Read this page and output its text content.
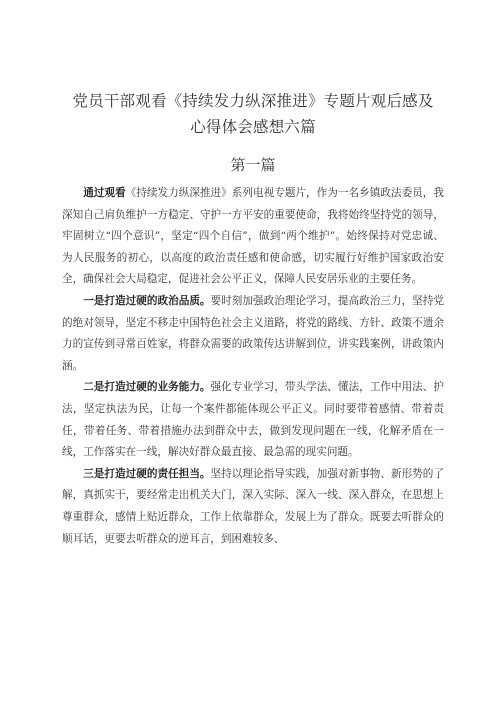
党员干部观看《持续发力纵深推进》专题片观后感及
心得体会感想六篇
第一篇

通过观看《持续发力纵深推进》系列电视专题片，作为一名乡镇政法委员，我深知自己肩负维护一方稳定、守护一方平安的重要使命，我将始终坚持党的领导，牢固树立“四个意识”，坚定“四个自信”，做到“两个维护”。始终保持对党忠诚、为人民服务的初心，以高度的政治责任感和使命感，切实履行好维护国家政治安全，确保社会大局稳定，促进社会公平正义，保障人民安居乐业的主要任务。

一是打造过硬的政治品质。要时刻加强政治理论学习，提高政治三力，坚持党的绝对领导，坚定不移走中国特色社会主义道路，将党的路线、方针、政策不遗余力的宣传到寻常百姓家，将群众需要的政策传达讲解到位，讲实践案例，讲政策内涵。

二是打造过硬的业务能力。强化专业学习，带头学法、懂法，工作中用法、护法，坚定执法为民，让每一个案件都能体现公平正义。同时要带着感情、带着责任，带着任务、带着措施办法到群众中去，做到发现问题在一线，化解矛盾在一线，工作落实在一线，解决好群众最直接、最急需的现实问题。

三是打造过硬的责任担当。坚持以理论指导实践，加强对新事物、新形势的了解，真抓实干，要经常走出机关大门，深入实际、深入一线、深入群众，在思想上尊重群众，感情上贴近群众，工作上依靠群众，发展上为了群众。既要去听群众的顺耳话，更要去听群众的逆耳言，到困难较多、
